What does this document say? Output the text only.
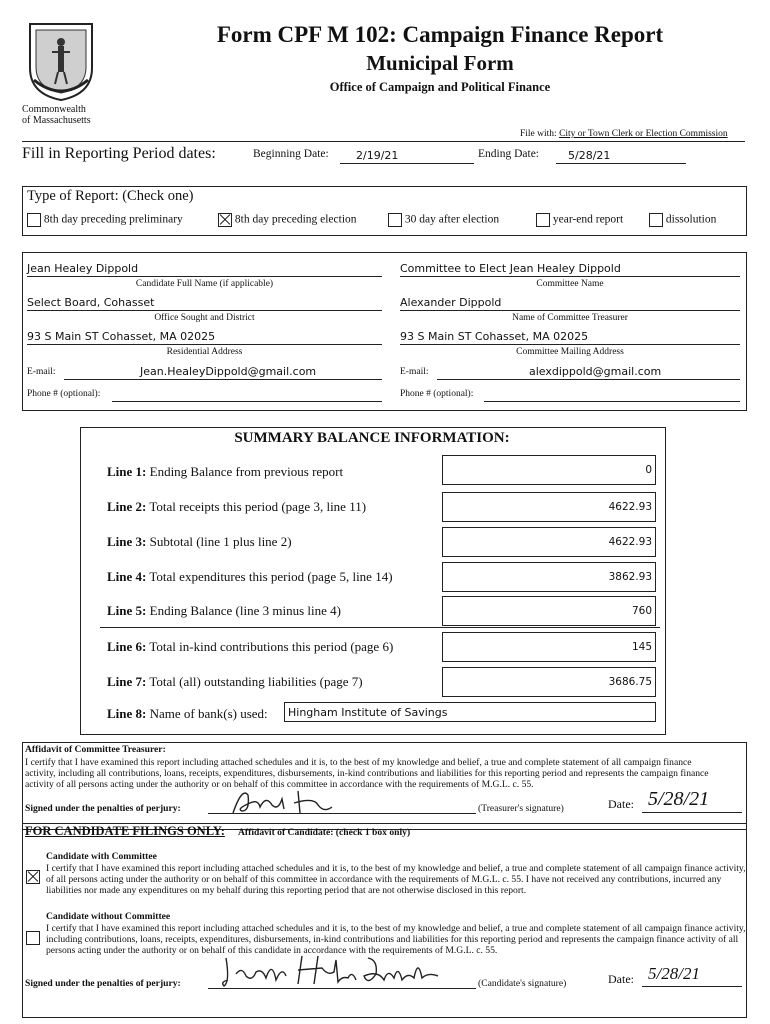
Commonwealth
of Massachusetts
Form CPF M 102: Campaign Finance Report
Municipal Form
Office of Campaign and Political Finance
File with: City or Town Clerk or Election Commission
Fill in Reporting Period dates:	Beginning Date: 2/19/21	Ending Date:	5/28/21
Type of Report: (Check one)
8th day preceding preliminary	8th day preceding election	30 day after election	year-end report	dissolution
Jean Healey Dippold
Candidate Full Name (if applicable)
Select Board, Cohasset
Office Sought and District
93 S Main ST Cohasset, MA 02025
Residential Address
E-mail:	Jean.HealeyDippold@gmail.com
Phone # (optional):
Committee to Elect Jean Healey Dippold
Committee Name
Alexander Dippold
Name of Committee Treasurer
93 S Main ST Cohasset, MA 02025
Committee Mailing Address
E-mail:	alexdippold@gmail.com
Phone # (optional):
SUMMARY BALANCE INFORMATION:
Line 1: Ending Balance from previous report	0
Line 2: Total receipts this period (page 3, line 11)	4622.93
Line 3: Subtotal (line 1 plus line 2)	4622.93
Line 4: Total expenditures this period (page 5, line 14)	3862.93
Line 5: Ending Balance (line 3 minus line 4)	760
Line 6: Total in-kind contributions this period (page 6)	145
Line 7: Total (all) outstanding liabilities (page 7)	3686.75
Line 8: Name of bank(s) used:	Hingham Institute of Savings
Affidavit of Committee Treasurer:
I certify that I have examined this report including attached schedules and it is, to the best of my knowledge and belief, a true and complete statement of all campaign finance activity, including all contributions, loans, receipts, expenditures, disbursements, in-kind contributions and liabilities for this reporting period and represents the campaign finance activity of all persons acting under the authority or on behalf of this committee in accordance with the requirements of M.G.L. c. 55.
Signed under the penalties of perjury:	(Treasurer's signature)	Date: 5/28/21
FOR CANDIDATE FILINGS ONLY: Affidavit of Candidate: (check 1 box only)
Candidate with Committee
I certify that I have examined this report including attached schedules and it is, to the best of my knowledge and belief, a true and complete statement of all campaign finance activity, of all persons acting under the authority or on behalf of this committee in accordance with the requirements of M.G.L. c. 55. I have not received any contributions, incurred any liabilities nor made any expenditures on my behalf during this reporting period that are not otherwise disclosed in this report.
Candidate without Committee
I certify that I have examined this report including attached schedules and it is, to the best of my knowledge and belief, a true and complete statement of all campaign finance activity, including contributions, loans, receipts, expenditures, disbursements, in-kind contributions and liabilities for this reporting period and represents the campaign finance activity of all persons acting under the authority or on behalf of this candidate in accordance with the requirements of M.G.L. c. 55.
Signed under the penalties of perjury:	(Candidate's signature)	Date: 5/28/21
